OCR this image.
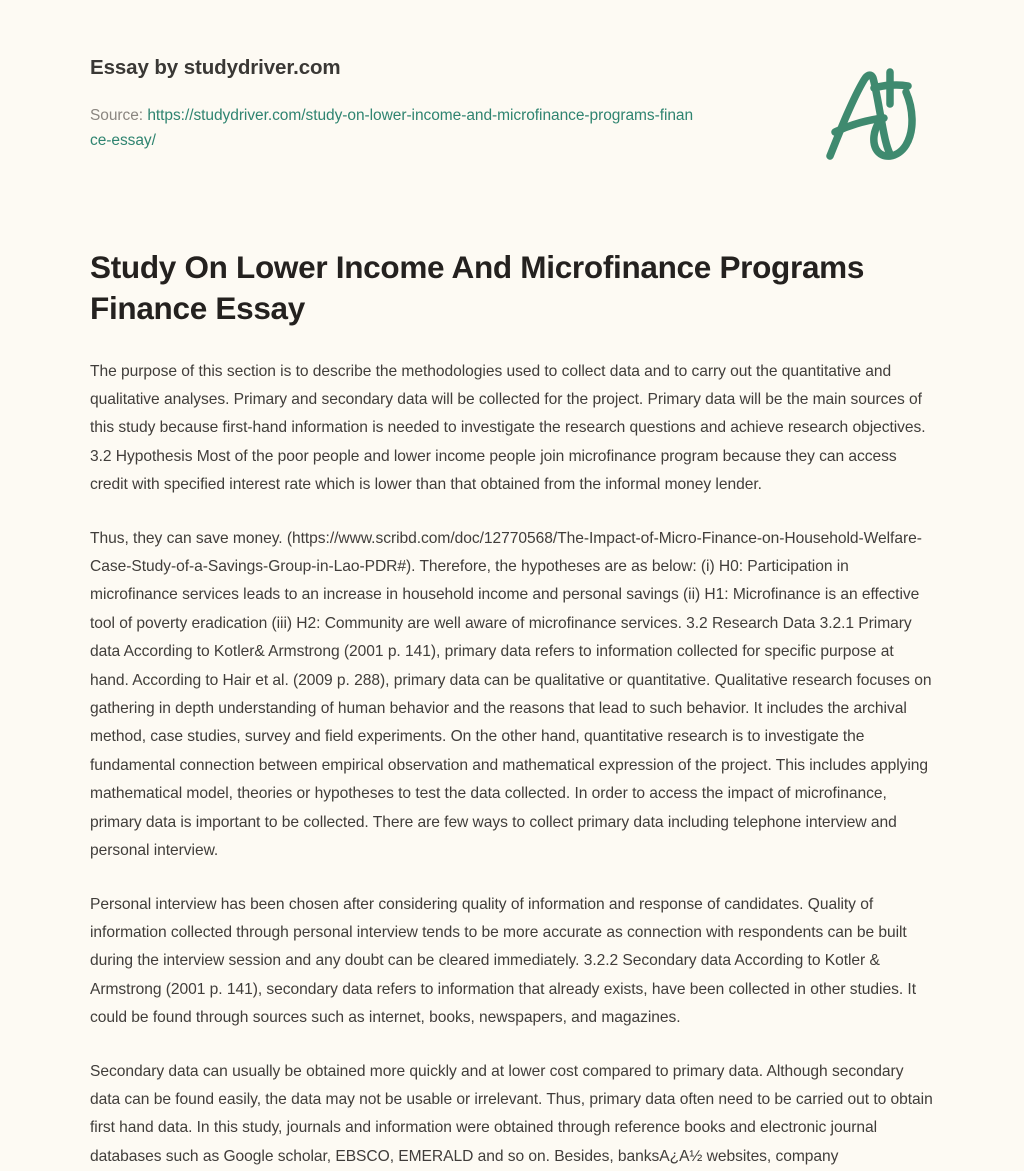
Essay by studydriver.com
Source: https://studydriver.com/study-on-lower-income-and-microfinance-programs-finance-essay/
Study On Lower Income And Microfinance Programs Finance Essay

The purpose of this section is to describe the methodologies used to collect data and to carry out the quantitative and qualitative analyses. Primary and secondary data will be collected for the project. Primary data will be the main sources of this study because first-hand information is needed to investigate the research questions and achieve research objectives. 3.2 Hypothesis Most of the poor people and lower income people join microfinance program because they can access credit with specified interest rate which is lower than that obtained from the informal money lender.

Thus, they can save money. (https://www.scribd.com/doc/12770568/The-Impact-of-Micro-Finance-on-Household-Welfare-Case-Study-of-a-Savings-Group-in-Lao-PDR#). Therefore, the hypotheses are as below: (i) H0: Participation in microfinance services leads to an increase in household income and personal savings (ii) H1: Microfinance is an effective tool of poverty eradication (iii) H2: Community are well aware of microfinance services. 3.2 Research Data 3.2.1 Primary data According to Kotler& Armstrong (2001 p. 141), primary data refers to information collected for specific purpose at hand. According to Hair et al. (2009 p. 288), primary data can be qualitative or quantitative. Qualitative research focuses on gathering in depth understanding of human behavior and the reasons that lead to such behavior. It includes the archival method, case studies, survey and field experiments. On the other hand, quantitative research is to investigate the fundamental connection between empirical observation and mathematical expression of the project. This includes applying mathematical model, theories or hypotheses to test the data collected. In order to access the impact of microfinance, primary data is important to be collected. There are few ways to collect primary data including telephone interview and personal interview.

Personal interview has been chosen after considering quality of information and response of candidates. Quality of information collected through personal interview tends to be more accurate as connection with respondents can be built during the interview session and any doubt can be cleared immediately. 3.2.2 Secondary data According to Kotler & Armstrong (2001 p. 141), secondary data refers to information that already exists, have been collected in other studies. It could be found through sources such as internet, books, newspapers, and magazines.

Secondary data can usually be obtained more quickly and at lower cost compared to primary data. Although secondary data can be found easily, the data may not be usable or irrelevant. Thus, primary data often need to be carried out to obtain first hand data. In this study, journals and information were obtained through reference books and electronic journal databases such as Google scholar, EBSCO, EMERALD and so on. Besides, banksA¿A½ websites, company
